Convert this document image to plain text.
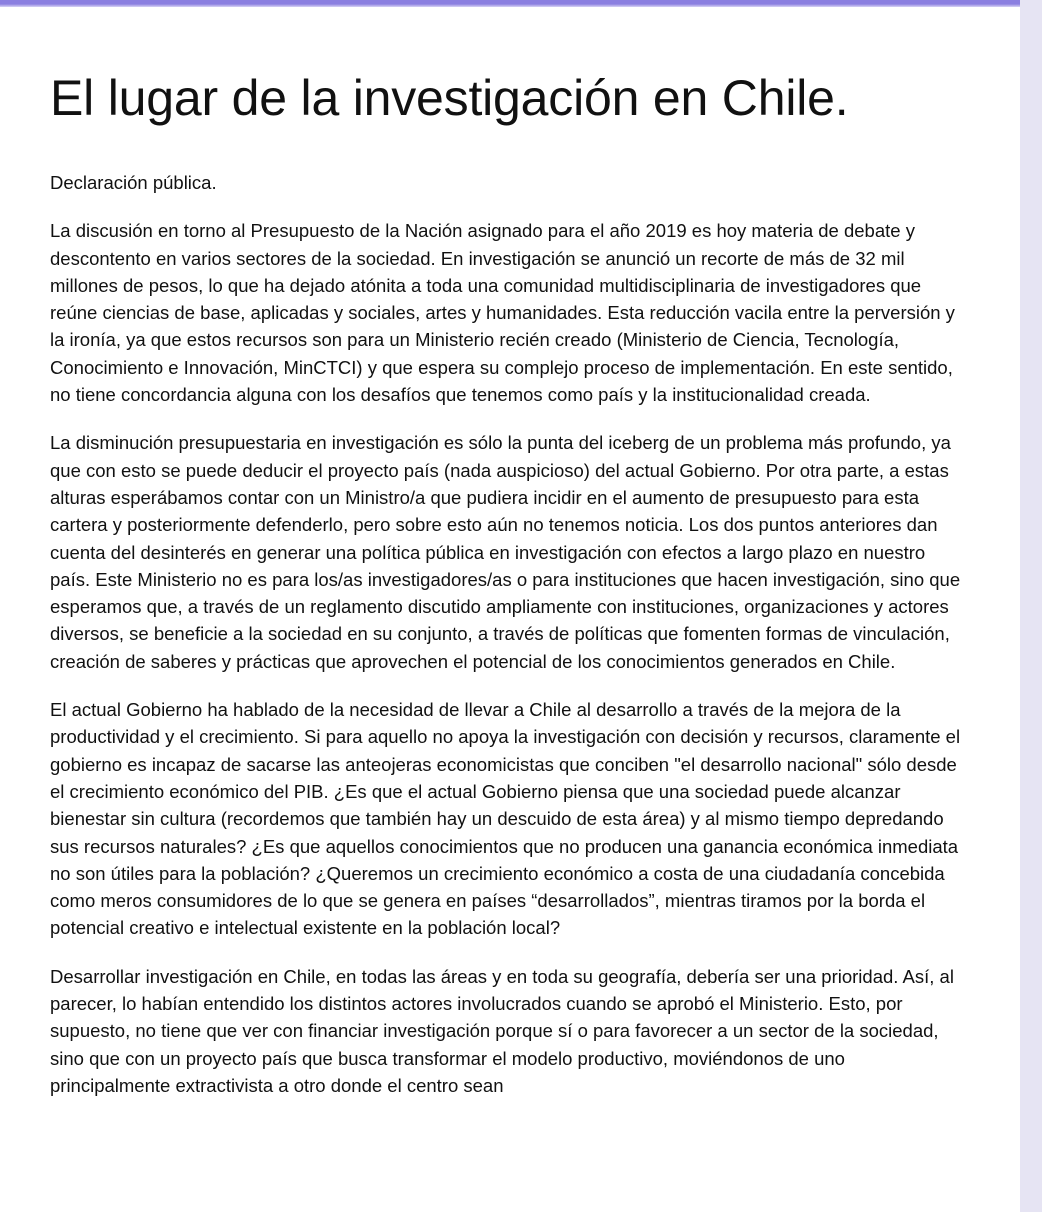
El lugar de la investigación en Chile.

Declaración pública.

La discusión en torno al Presupuesto de la Nación asignado para el año 2019 es hoy materia de debate y descontento en varios sectores de la sociedad. En investigación se anunció un recorte de más de 32 mil millones de pesos, lo que ha dejado atónita a toda una comunidad multidisciplinaria de investigadores que reúne ciencias de base, aplicadas y sociales, artes y humanidades. Esta reducción vacila entre la perversión y la ironía, ya que estos recursos son para un Ministerio recién creado (Ministerio de Ciencia, Tecnología, Conocimiento e Innovación, MinCTCI) y que espera su complejo proceso de implementación. En este sentido, no tiene concordancia alguna con los desafíos que tenemos como país y la institucionalidad creada.

La disminución presupuestaria en investigación es sólo la punta del iceberg de un problema más profundo, ya que con esto se puede deducir el proyecto país (nada auspicioso) del actual Gobierno. Por otra parte, a estas alturas esperábamos contar con un Ministro/a que pudiera incidir en el aumento de presupuesto para esta cartera y posteriormente defenderlo, pero sobre esto aún no tenemos noticia. Los dos puntos anteriores dan cuenta del desinterés en generar una política pública en investigación con efectos a largo plazo en nuestro país. Este Ministerio no es para los/as investigadores/as o para instituciones que hacen investigación, sino que esperamos que, a través de un reglamento discutido ampliamente con instituciones, organizaciones y actores diversos, se beneficie a la sociedad en su conjunto, a través de políticas que fomenten formas de vinculación, creación de saberes y prácticas que aprovechen el potencial de los conocimientos generados en Chile.

El actual Gobierno ha hablado de la necesidad de llevar a Chile al desarrollo a través de la mejora de la productividad y el crecimiento. Si para aquello no apoya la investigación con decisión y recursos, claramente el gobierno es incapaz de sacarse las anteojeras economicistas que conciben "el desarrollo nacional" sólo desde el crecimiento económico del PIB. ¿Es que el actual Gobierno piensa que una sociedad puede alcanzar bienestar sin cultura (recordemos que también hay un descuido de esta área) y al mismo tiempo depredando sus recursos naturales? ¿Es que aquellos conocimientos que no producen una ganancia económica inmediata no son útiles para la población? ¿Queremos un crecimiento económico a costa de una ciudadanía concebida como meros consumidores de lo que se genera en países “desarrollados”, mientras tiramos por la borda el potencial creativo e intelectual existente en la población local?

Desarrollar investigación en Chile, en todas las áreas y en toda su geografía, debería ser una prioridad. Así, al parecer, lo habían entendido los distintos actores involucrados cuando se aprobó el Ministerio. Esto, por supuesto, no tiene que ver con financiar investigación porque sí o para favorecer a un sector de la sociedad, sino que con un proyecto país que busca transformar el modelo productivo, moviéndonos de uno principalmente extractivista a otro donde el centro sean
